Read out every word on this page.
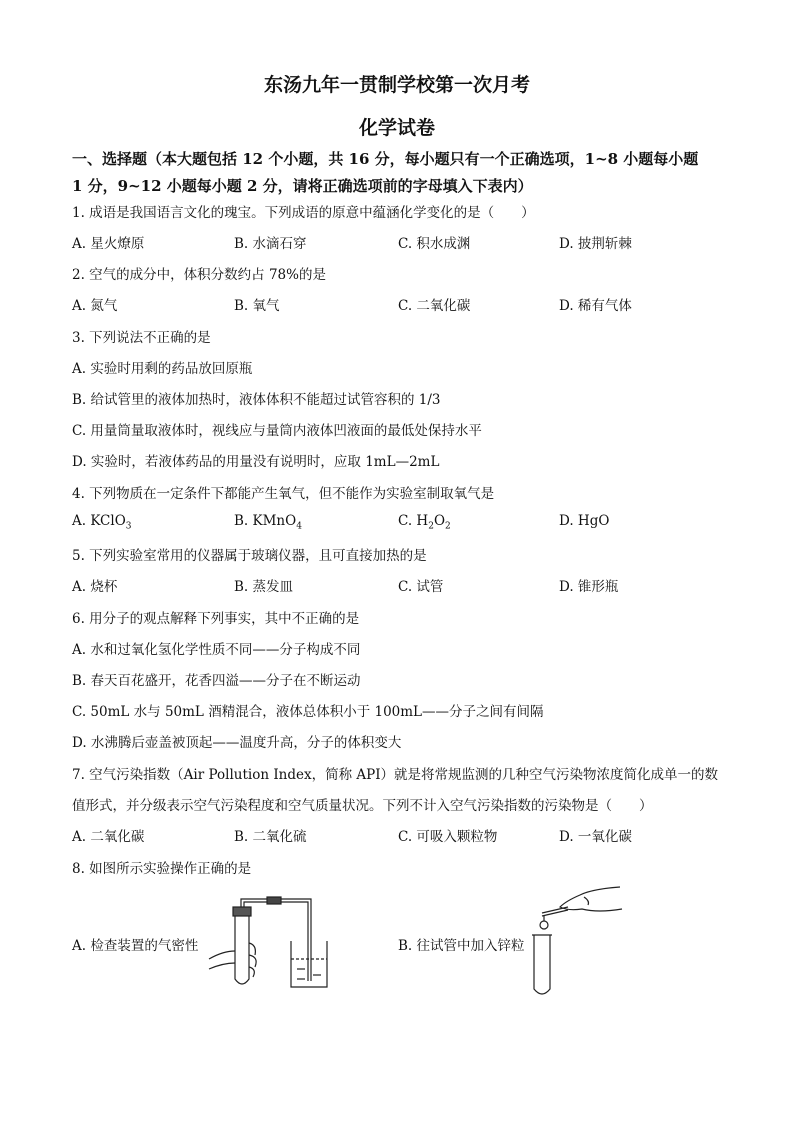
东汤九年一贯制学校第一次月考
化学试卷
一、选择题（本大题包括 12 个小题，共 16 分，每小题只有一个正确选项，1~8 小题每小题
1 分，9~12 小题每小题 2 分，请将正确选项前的字母填入下表内）
1. 成语是我国语言文化的瑰宝。下列成语的原意中蕴涵化学变化的是（　　）
A. 星火燎原	B. 水滴石穿	C. 积水成渊	D. 披荆斩棘
2. 空气的成分中，体积分数约占 78%的是
A. 氮气	B. 氧气	C. 二氧化碳	D. 稀有气体
3. 下列说法不正确的是
A. 实验时用剩的药品放回原瓶
B. 给试管里的液体加热时，液体体积不能超过试管容积的 1/3
C. 用量筒量取液体时，视线应与量筒内液体凹液面的最低处保持水平
D. 实验时，若液体药品的用量没有说明时，应取 1mL—2mL
4. 下列物质在一定条件下都能产生氧气，但不能作为实验室制取氧气是
A. KClO$_3$	B. KMnO$_4$	C. $H_2O_2$	D. HgO
5. 下列实验室常用的仪器属于玻璃仪器，且可直接加热的是
A. 烧杯	B. 蒸发皿	C. 试管	D. 锥形瓶
6. 用分子的观点解释下列事实，其中不正确的是
A. 水和过氧化氢化学性质不同——分子构成不同
B. 春天百花盛开，花香四溢——分子在不断运动
C. 50mL 水与 50mL 酒精混合，液体总体积小于 100mL——分子之间有间隔
D. 水沸腾后壶盖被顶起——温度升高，分子的体积变大
7. 空气污染指数（Air Pollution Index，简称 API）就是将常规监测的几种空气污染物浓度简化成单一的数
值形式，并分级表示空气污染程度和空气质量状况。下列不计入空气污染指数的污染物是（　　）
A. 二氧化碳	B. 二氧化硫	C. 可吸入颗粒物	D. 一氧化碳
8. 如图所示实验操作正确的是
A. 检查装置的气密性	B. 往试管中加入锌粒
